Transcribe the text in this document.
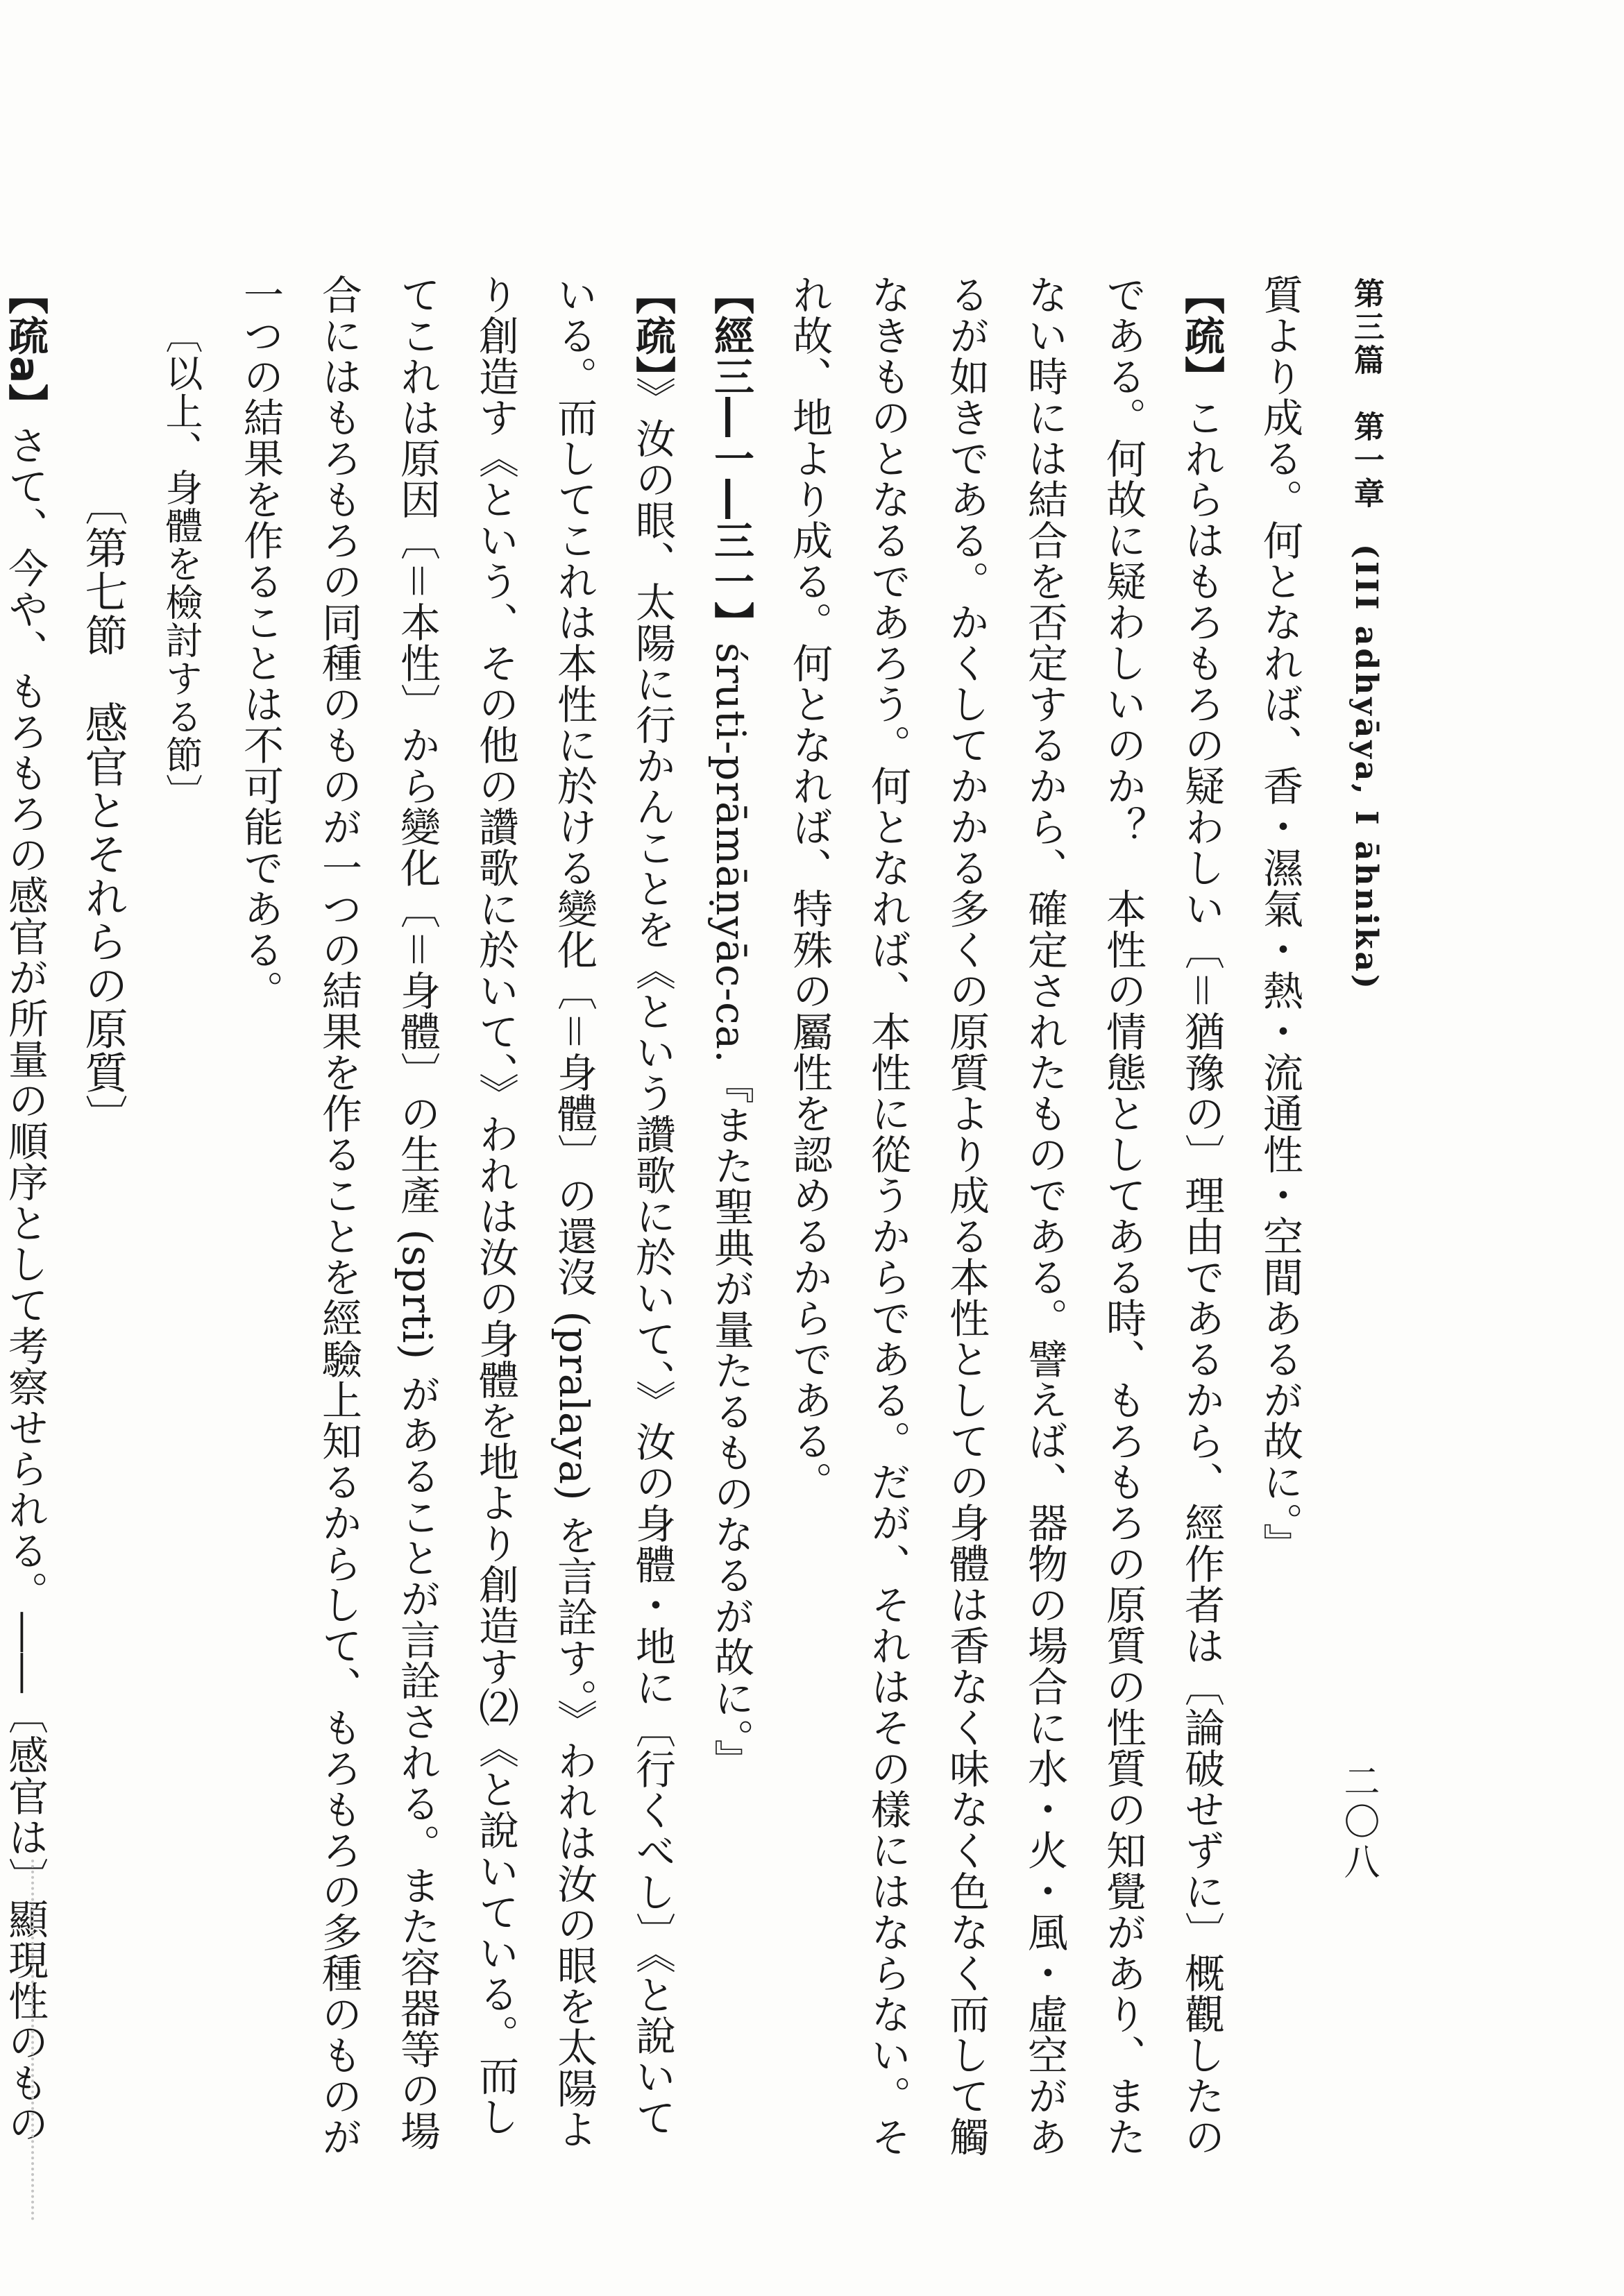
第三篇　第一章　(III adhyāya, I āhnika)
二〇八

質より成る。何となれば、香・濕氣・熱・流通性・空間あるが故に。』

【疏】これらはもろもろの疑わしい〔＝猶豫の〕理由であるから、經作者は〔論破せずに〕概觀したのである。何故に疑わしいのか？　本性の情態としてある時、もろもろの原質の性質の知覺があり、またない時には結合を否定するから、確定されたものである。譬えば、器物の場合に水・火・風・虛空があるが如きである。かくしてかかる多くの原質より成る本性としての身體は香なく味なく色なく而して觸なきものとなるであろう。何となれば、本性に從うからである。だが、それはその樣にはならない。それ故、地より成る。何となれば、特殊の屬性を認めるからである。

【經三―一―三一】śruti-prāmāṇyāc-ca.『また聖典が量たるものなるが故に。』

【疏】》汝の眼、太陽に行かんことを《という讚歌に於いて、》汝の身體・地に〔行くべし〕《と說いている。而してこれは本性に於ける變化〔＝身體〕の還沒 (pralaya) を言詮す。》われは汝の眼を太陽より創造す《という、その他の讚歌に於いて、》われは汝の身體を地より創造す⑵《と說いている。而してこれは原因〔＝本性〕から變化〔＝身體〕の生產 (sprti) があることが言詮される。また容器等の場合にはもろもろの同種のものが一つの結果を作ることを經驗上知るからして、もろもろの多種のものが一つの結果を作ることは不可能である。

〔以上、身體を檢討する節〕

〔第七節　感官とそれらの原質〕

【疏a】さて、今や、もろもろの感官が所量の順序として考察せられる。――〔感官は〕顯現性のもの
